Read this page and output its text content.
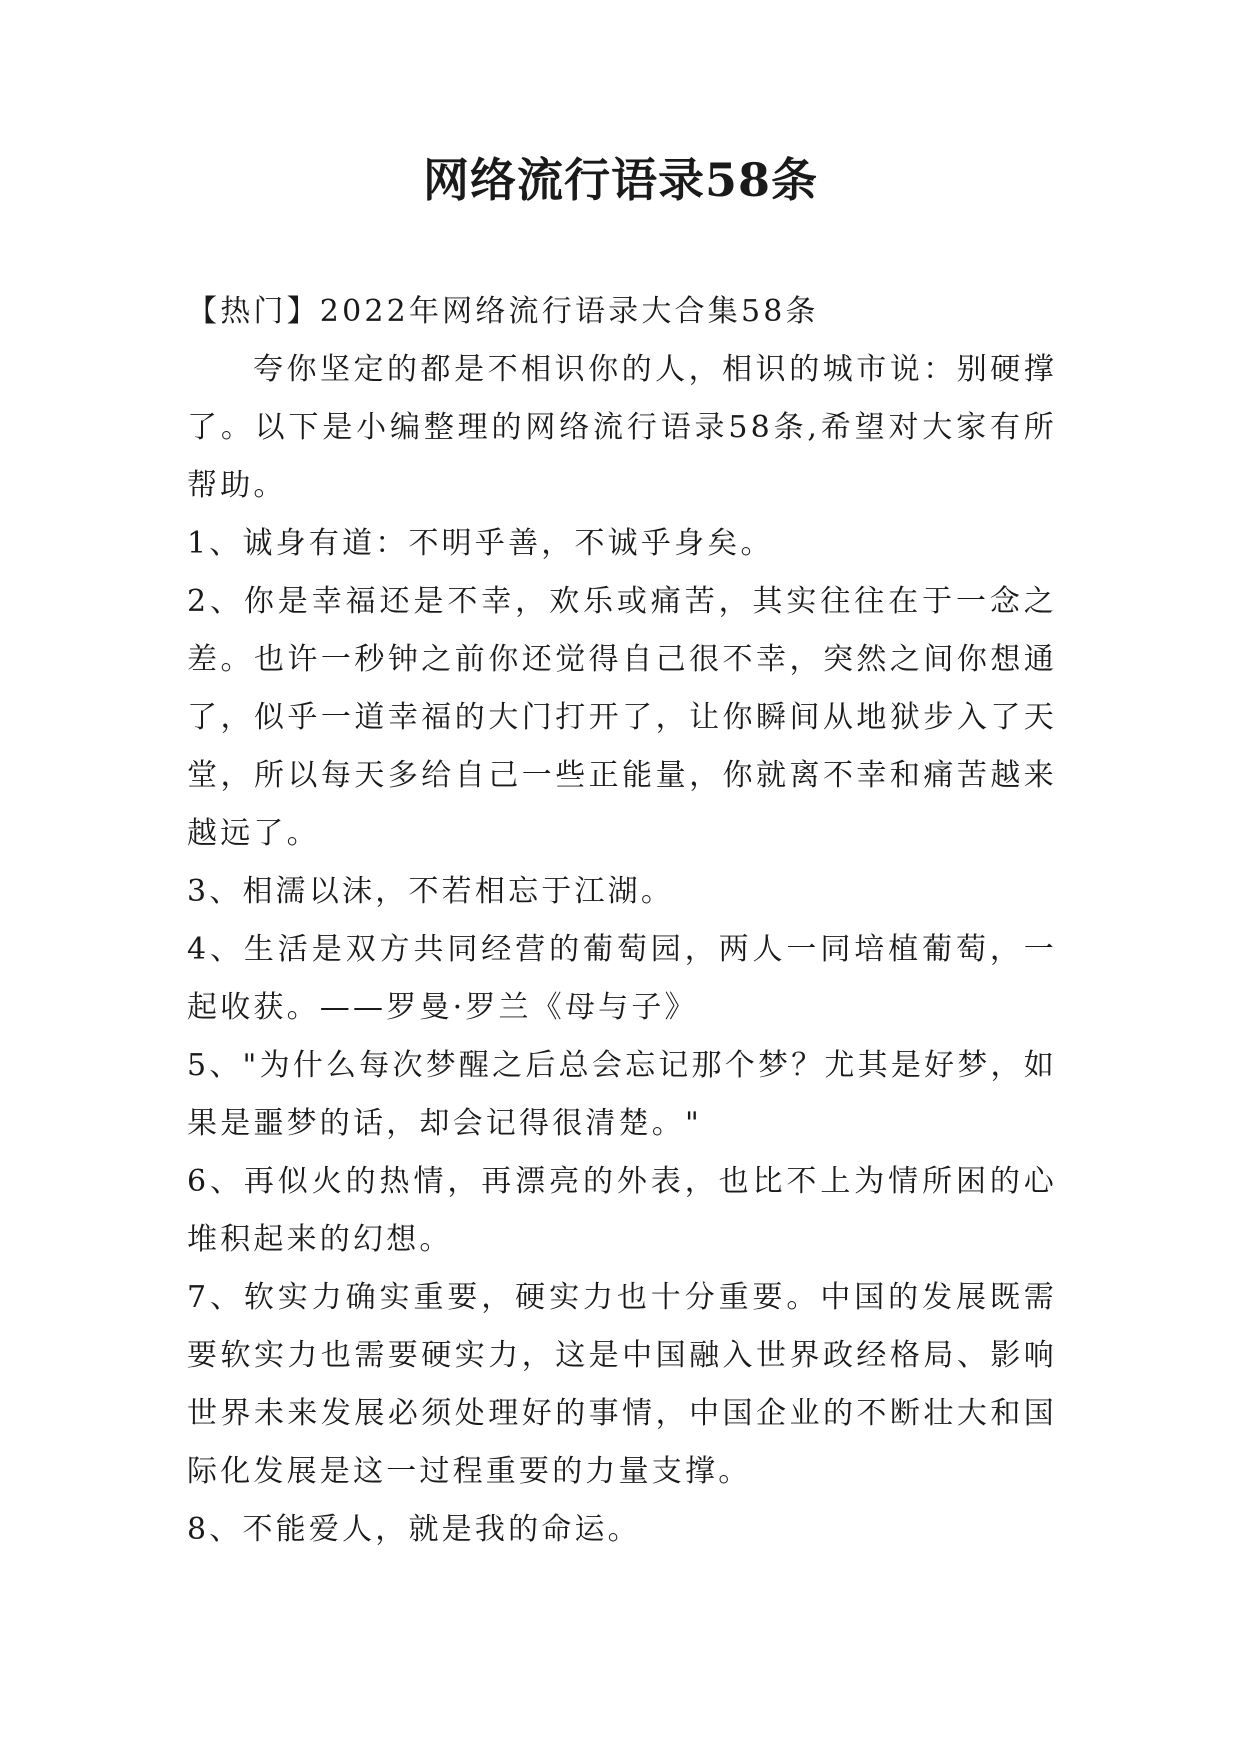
网络流行语录58条

【热门】2022年网络流行语录大合集58条

夸你坚定的都是不相识你的人，相识的城市说：别硬撑了。以下是小编整理的网络流行语录58条,希望对大家有所帮助。

1、诚身有道：不明乎善，不诚乎身矣。

2、你是幸福还是不幸，欢乐或痛苦，其实往往在于一念之差。也许一秒钟之前你还觉得自己很不幸，突然之间你想通了，似乎一道幸福的大门打开了，让你瞬间从地狱步入了天堂，所以每天多给自己一些正能量，你就离不幸和痛苦越来越远了。

3、相濡以沫，不若相忘于江湖。

4、生活是双方共同经营的葡萄园，两人一同培植葡萄，一起收获。——罗曼·罗兰《母与子》

5、"为什么每次梦醒之后总会忘记那个梦？尤其是好梦，如果是噩梦的话，却会记得很清楚。"

6、再似火的热情，再漂亮的外表，也比不上为情所困的心堆积起来的幻想。

7、软实力确实重要，硬实力也十分重要。中国的发展既需要软实力也需要硬实力，这是中国融入世界政经格局、影响世界未来发展必须处理好的事情，中国企业的不断壮大和国际化发展是这一过程重要的力量支撑。

8、不能爱人，就是我的命运。
